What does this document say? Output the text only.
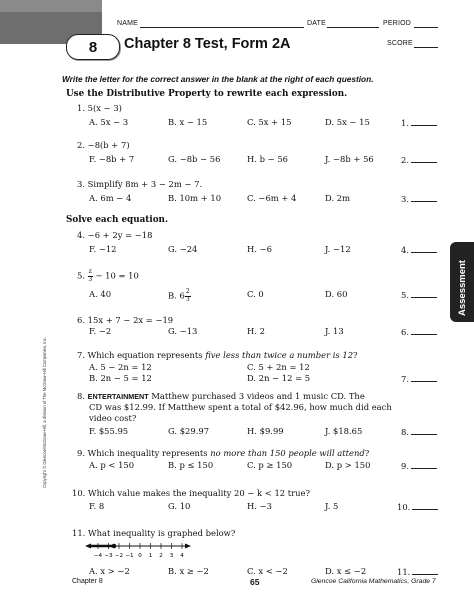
NAME	DATE	PERIOD
8 Chapter 8 Test, Form 2A	SCORE
Write the letter for the correct answer in the blank at the right of each question.
Use the Distributive Property to rewrite each expression.
1. 5(x − 3)
A. 5x − 3	B. x − 15	C. 5x + 15	D. 5x − 15	1.
2. −8(b + 7)
F. −8b + 7	G. −8b − 56	H. b − 56	J. −8b + 56	2.
3. Simplify 8m + 3 − 2m − 7.
A. 6m − 4	B. 10m + 10	C. −6m + 4	D. 2m	3.
Solve each equation.
4. −6 + 2y = −18
F. −12	G. −24	H. −6	J. −12	4.
5. $\frac{z}{3} - 10 = 10$
A. 40	B. $6 \frac{2}{3}$	C. 0	D. 60	5.
6. 15x + 7 − 2x = −19
F. −2	G. −13	H. 2	J. 13	6.
7. Which equation represents five less than twice a number is 12?
A. 5 − 2n = 12	C. 5 + 2n = 12
B. 2n − 5 = 12	D. 2n − 12 = 5	7.
8. ENTERTAINMENT Matthew purchased 3 videos and 1 music CD. The
CD was $12.99. If Matthew spent a total of $42.96, how much did each
video cost?
F. $55.95	G. $29.97	H. $9.99	J. $18.65	8.
9. Which inequality represents no more than 150 people will attend?
A. p < 150	B. p ≤ 150	C. p ≥ 150	D. p > 150	9.
10. Which value makes the inequality 20 − k < 12 true?
F. 8	G. 10	H. −3	J. 5	10.
11. What inequality is graphed below?
−4 −3 −2 −1 0 1 2 3 4
A. x > −2	B. x ≥ −2	C. x < −2	D. x ≤ −2	11.
Assessment
Copyright © Glencoe/McGraw-Hill, a division of The McGraw-Hill Companies, Inc.
Chapter 8	65	Glencoe California Mathematics, Grade 7
